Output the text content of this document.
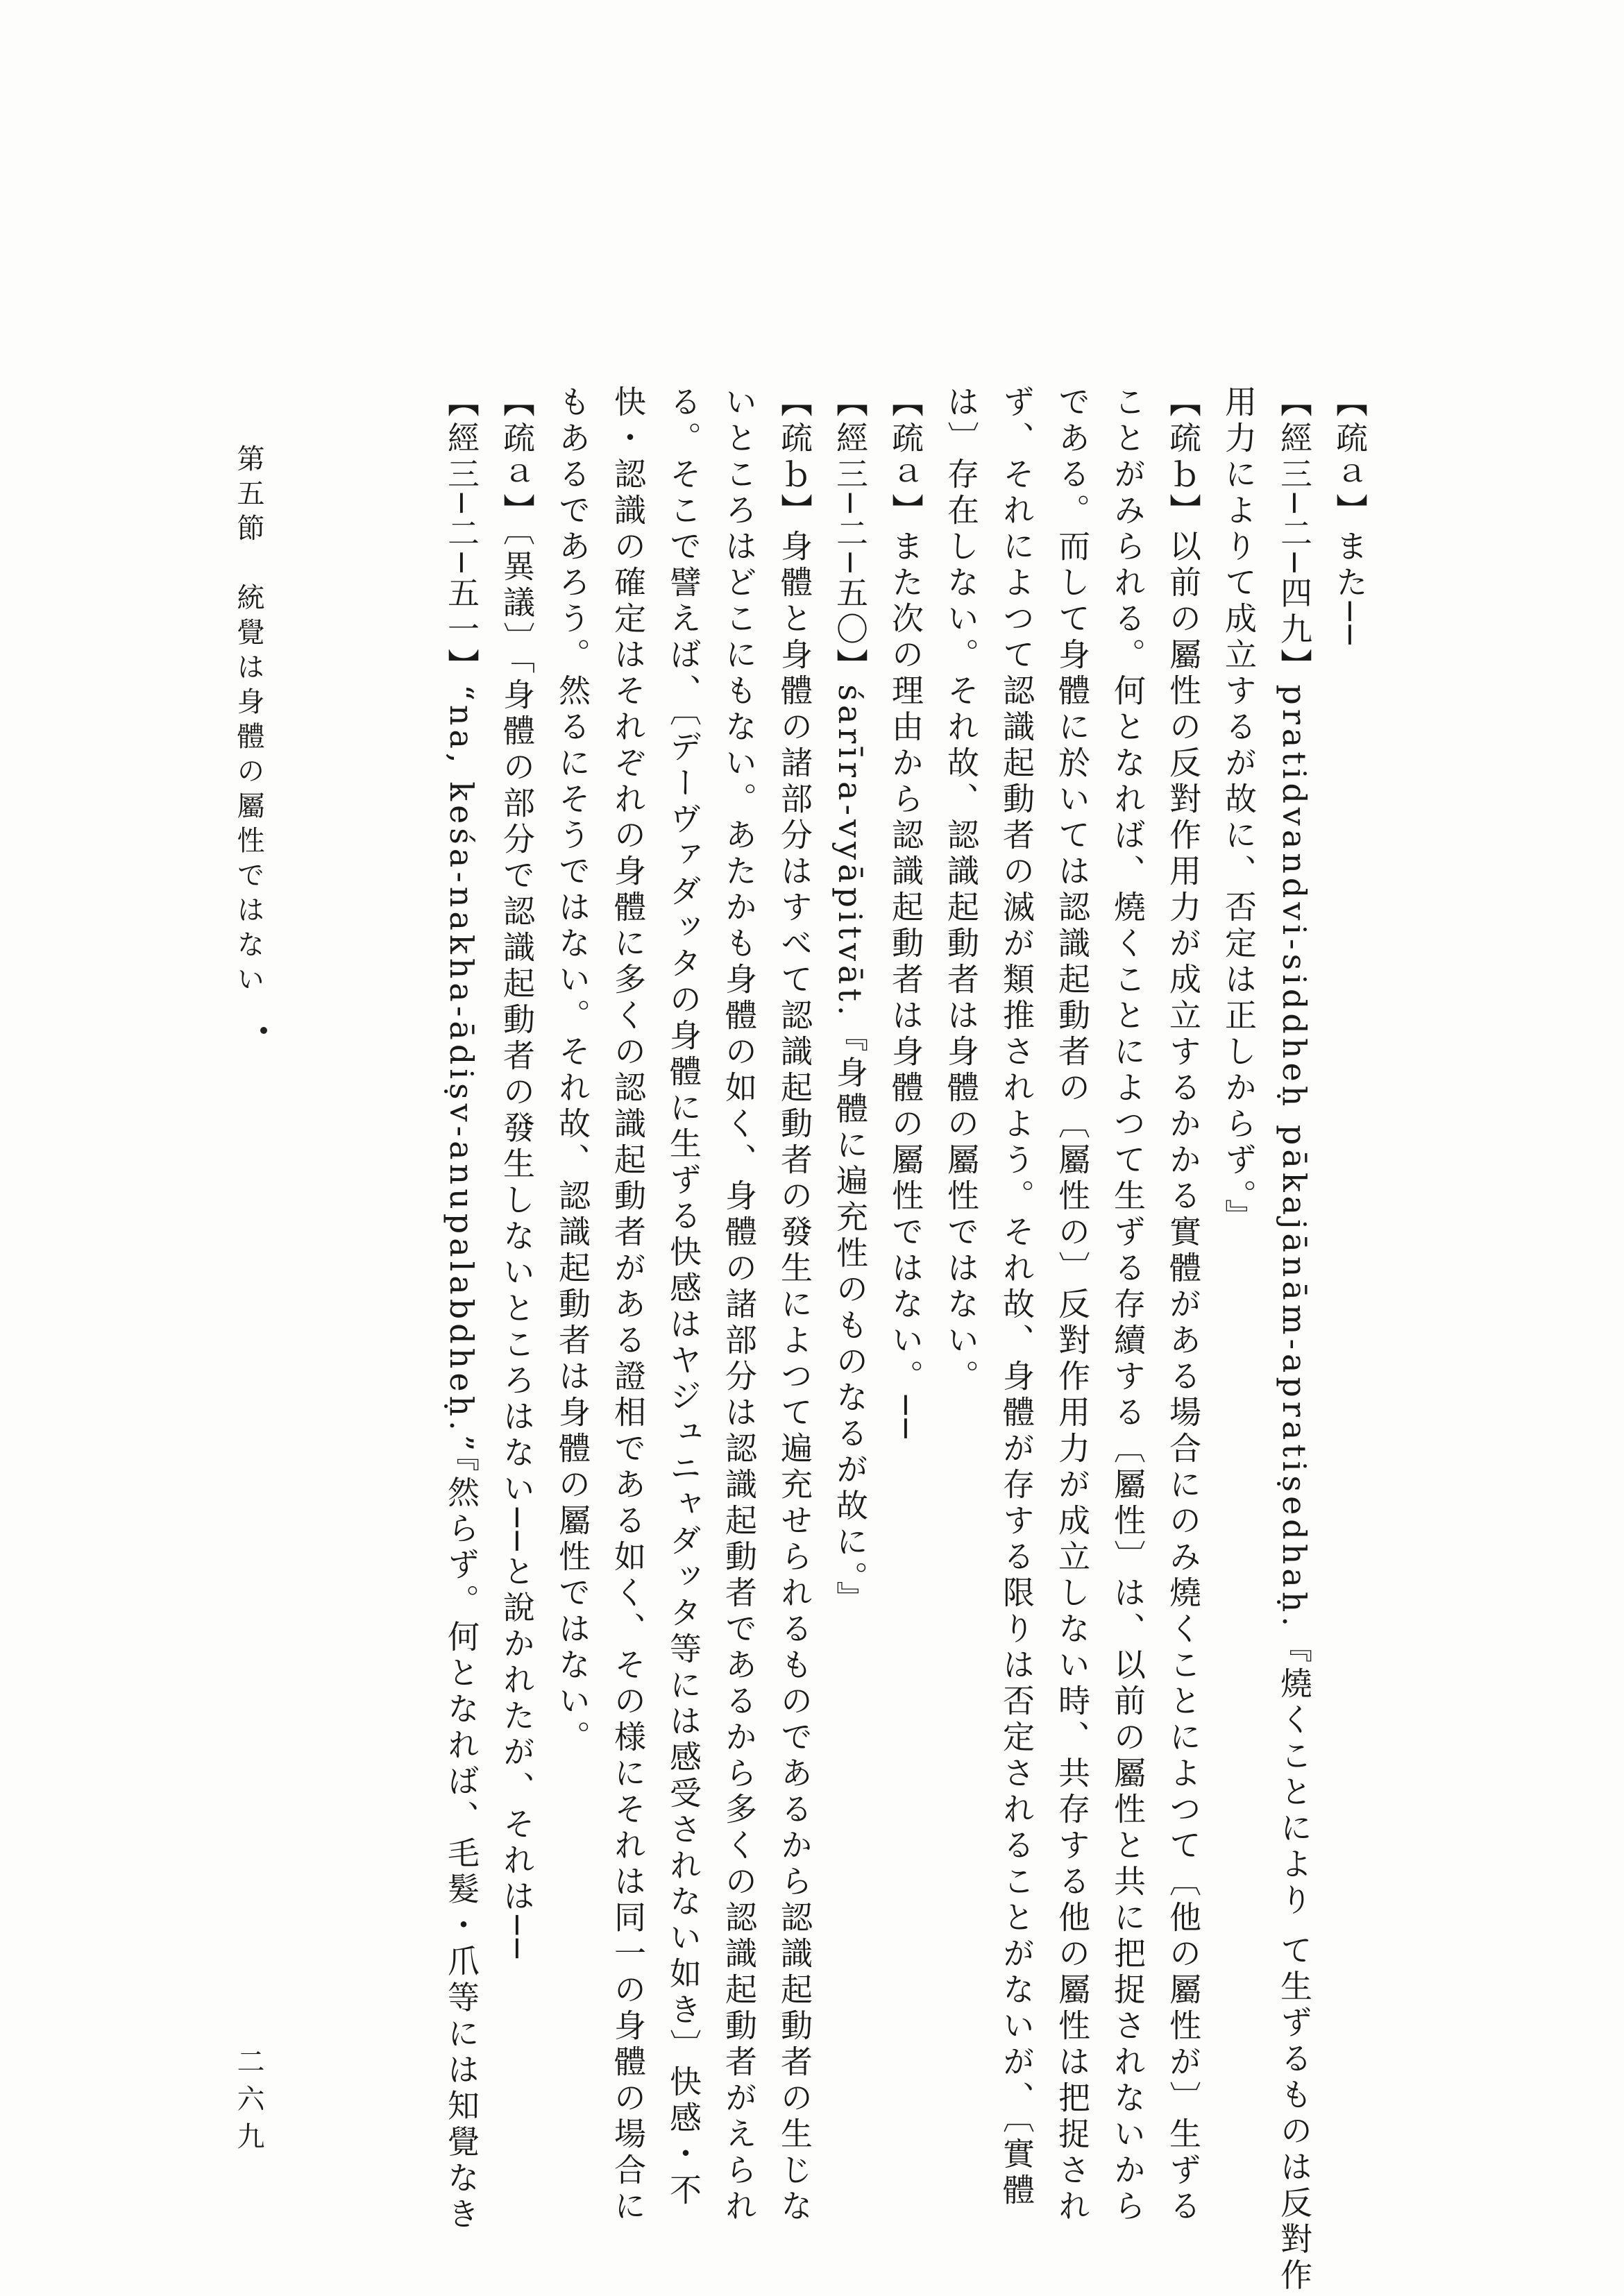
【疏ａ】また──
【經三─二─四九】pratidvandvi-siddheḥ pākajānām-apratiṣedhaḥ.『燒くことにより て生ずるものは反對作
用力によりて成立するが故に、否定は正しからず。』
【疏ｂ】以前の屬性の反對作用力が成立するかかる實體がある場合にのみ燒くことによつて〔他の屬性が〕生ずる
ことがみられる。何となれば、燒くことによつて生ずる存續する〔屬性〕は、以前の屬性と共に把捉されないから
である。而して身體に於いては認識起動者の〔屬性の〕反對作用力が成立しない時、共存する他の屬性は把捉され
ず、それによつて認識起動者の滅が類推されよう。それ故、身體が存する限りは否定されることがないが、〔實體
は〕存在しない。それ故、認識起動者は身體の屬性ではない。
【疏ａ】また次の理由から認識起動者は身體の屬性ではない。──
【經三─二─五〇】śarīra-vyāpitvāt.『身體に遍充性のものなるが故に。』
【疏ｂ】身體と身體の諸部分はすべて認識起動者の發生によつて遍充せられるものであるから認識起動者の生じな
いところはどこにもない。あたかも身體の如く、身體の諸部分は認識起動者であるから多くの認識起動者がえられ
る。そこで譬えば、〔デーヴァダッタの身體に生ずる快感はヤジュニャダッタ等には感受されない如き〕快感・不
快・認識の確定はそれぞれの身體に多くの認識起動者がある證相である如く、その様にそれは同一の身體の場合に
もあるであろう。然るにそうではない。それ故、認識起動者は身體の屬性ではない。
【疏ａ】〔異議〕「身體の部分で認識起動者の發生しないところはない──と說かれたが、それは──
【經三─二─五一】“na, keśa-nakha-ādiṣv-anupalabdheḥ.”『然らず。何となれば、毛髮・爪等には知覺なき
第五節　統覺は身體の屬性ではない
二六九
